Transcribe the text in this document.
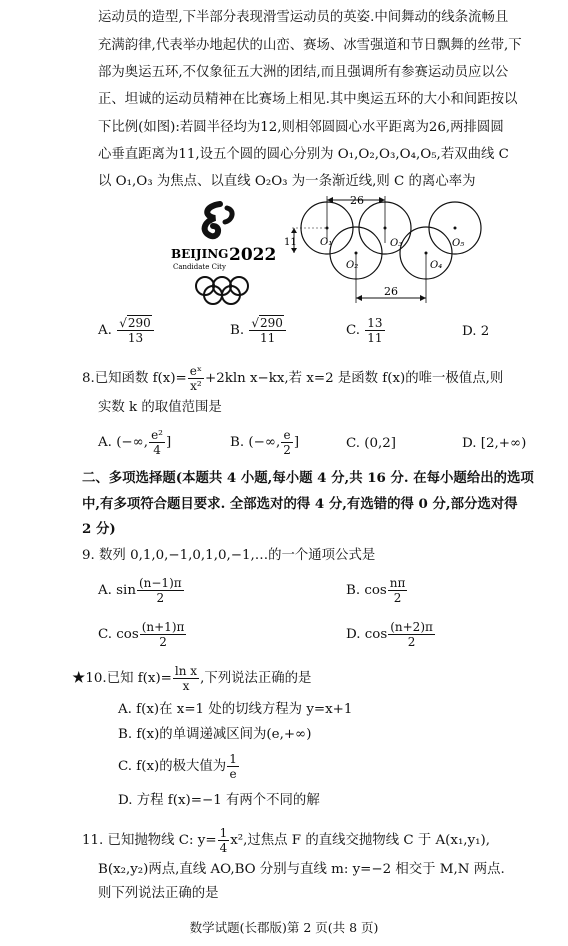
运动员的造型,下半部分表现滑雪运动员的英姿.中间舞动的线条流畅且
充满韵律,代表举办地起伏的山峦、赛场、冰雪强道和节日飘舞的丝带,下
部为奥运五环,不仅象征五大洲的团结,而且强调所有参赛运动员应以公
正、坦诚的运动员精神在比赛场上相见.其中奥运五环的大小和间距按以
下比例(如图):若圆半径均为12,则相邻圆圆心水平距离为26,两排圆圆
心垂直距离为11,设五个圆的圆心分别为 O₁,O₂,O₃,O₄,O₅,若双曲线 C
以 O₁,O₃ 为焦点、以直线 O₂O₃ 为一条渐近线,则 C 的离心率为
BEIJING 2022
Candidate City
26
11 O₁
O₂
O₃
O₄
O₅
26
A. $\frac{√290}{13}$	B. $\frac{√290}{11}$	C. $\frac{13}{11}$	D. 2
8.已知函数 $f(x)= \frac{\text{eˣ}}{\text{x²}} +2kln$ x−kx,若 x=2 是函数 f(x)的唯一极值点,则
实数 k 的取值范围是
A. (−∞, $\frac{\text{e²}}{4}$ ]	B. (−∞, $\frac{e}{2}$ ]	C. (0,2]	D. [2,+∞)
二、多项选择题(本题共 4 小题,每小题 4 分,共 16 分. 在每小题给出的选项
中,有多项符合题目要求. 全部选对的得 4 分,有选错的得 0 分,部分选对得
2 分)
9. 数列 0,1,0,−1,0,1,0,−1,…的一个通项公式是
A. $\sin \frac{(n-1)\pi}{2}$	B. $\cos \frac{n\pi}{2}$
C. $\cos \frac{(n+1)\pi}{2}$	D. $\cos \frac{(n+2)\pi}{2}$
★10.已知 $f(x)= \frac{\text{ln x}}{x}$ ,下列说法正确的是
A. f(x)在 x=1 处的切线方程为 y=x+1
B. f(x)的单调递减区间为(e,+∞)
C. f(x)的极大值为 $\frac{1}{e}$
D. 方程 f(x)=−1 有两个不同的解
11. 已知抛物线 C: $y= \frac{1}{4} x^2$,过焦点 F 的直线交抛物线 C 于 A(x₁,y₁),
B(x₂,y₂)两点,直线 AO,BO 分别与直线 m: y=−2 相交于 M,N 两点.
则下列说法正确的是
数学试题(长郡版)第 2 页(共 8 页)
